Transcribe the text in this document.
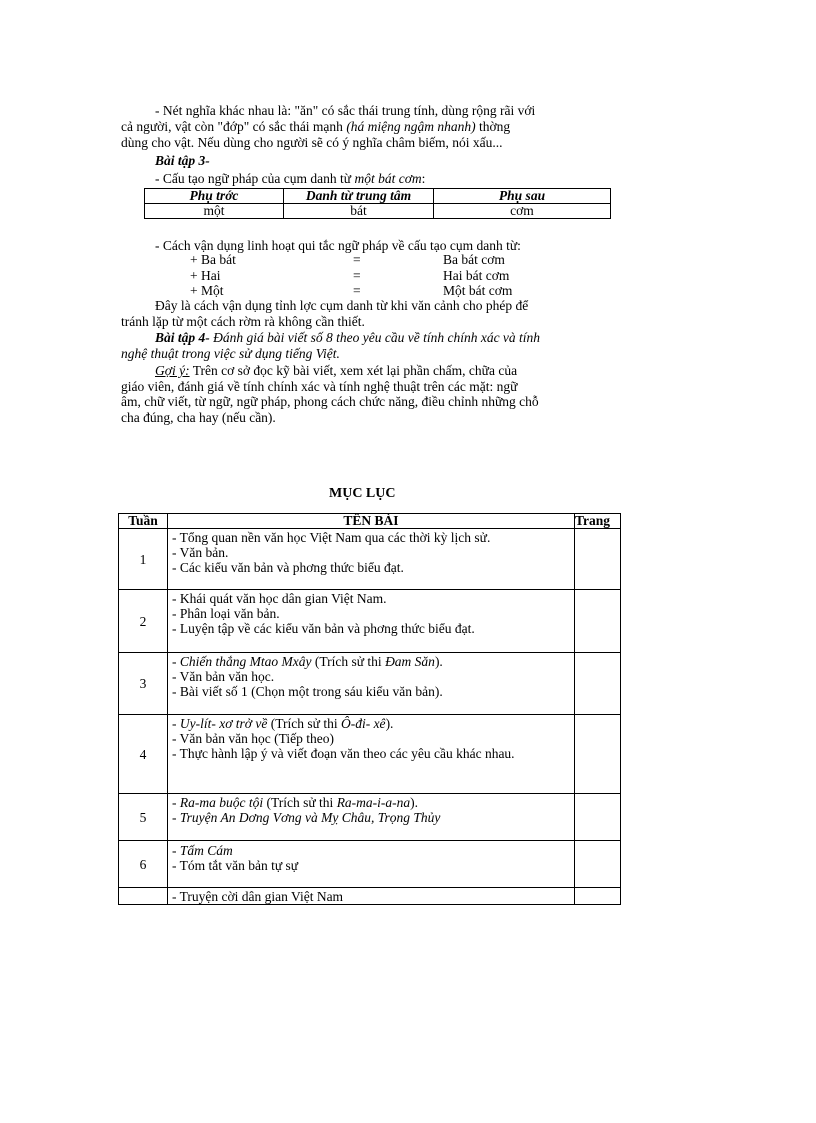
- Nét nghĩa khác nhau là: "ăn" có sắc thái trung tính, dùng rộng rãi với
cả người, vật còn "đớp" có sắc thái mạnh (há miệng ngậm nhanh) thờng
dùng cho vật. Nếu dùng cho người sẽ có ý nghĩa châm biếm, nói xấu...
Bài tập 3-
- Cấu tạo ngữ pháp của cụm danh từ một bát cơm:
Phụ trớc	Danh từ trung tâm	Phụ sau
một	bát	cơm
- Cách vận dụng linh hoạt qui tắc ngữ pháp về cấu tạo cụm danh từ:
+ Ba bát	=	Ba bát cơm
+ Hai	=	Hai bát cơm
+ Một	=	Một bát cơm
Đây là cách vận dụng tỉnh lợc cụm danh từ khi văn cảnh cho phép để
tránh lặp từ một cách rờm rà không cần thiết.
Bài tập 4- Đánh giá bài viết số 8 theo yêu cầu về tính chính xác và tính
nghệ thuật trong việc sử dụng tiếng Việt.
Gợi ý: Trên cơ sở đọc kỹ bài viết, xem xét lại phần chấm, chữa của
giáo viên, đánh giá về tính chính xác và tính nghệ thuật trên các mặt: ngữ
âm, chữ viết, từ ngữ, ngữ pháp, phong cách chức năng, điều chỉnh những chỗ
cha đúng, cha hay (nếu cần).
MỤC LỤC
Tuần	TÊN BÀI	Trang
1	- Tổng quan nền văn học Việt Nam qua các thời kỳ lịch sử.
- Văn bản.
- Các kiểu văn bản và phơng thức biểu đạt.	

2	- Khái quát văn học dân gian Việt Nam.
- Phân loại văn bản.
- Luyện tập về các kiểu văn bản và phơng thức biểu đạt.	

3	- Chiến thắng Mtao Mxây (Trích sử thi Đam Săn).
- Văn bản văn học.
- Bài viết số 1 (Chọn một trong sáu kiểu văn bản).	

4	- Uy-lít- xơ trở về (Trích sử thi Ô-đi- xê).
- Văn bản văn học (Tiếp theo)
- Thực hành lập ý và viết đoạn văn theo các yêu cầu khác nhau.	

5	- Ra-ma buộc tội (Trích sử thi Ra-ma-i-a-na).
- Truyện An Dơng Vơng và Mỵ Châu, Trọng Thủy	

6	- Tấm Cám
- Tóm tắt văn bản tự sự	

	- Truyện cời dân gian Việt Nam	
